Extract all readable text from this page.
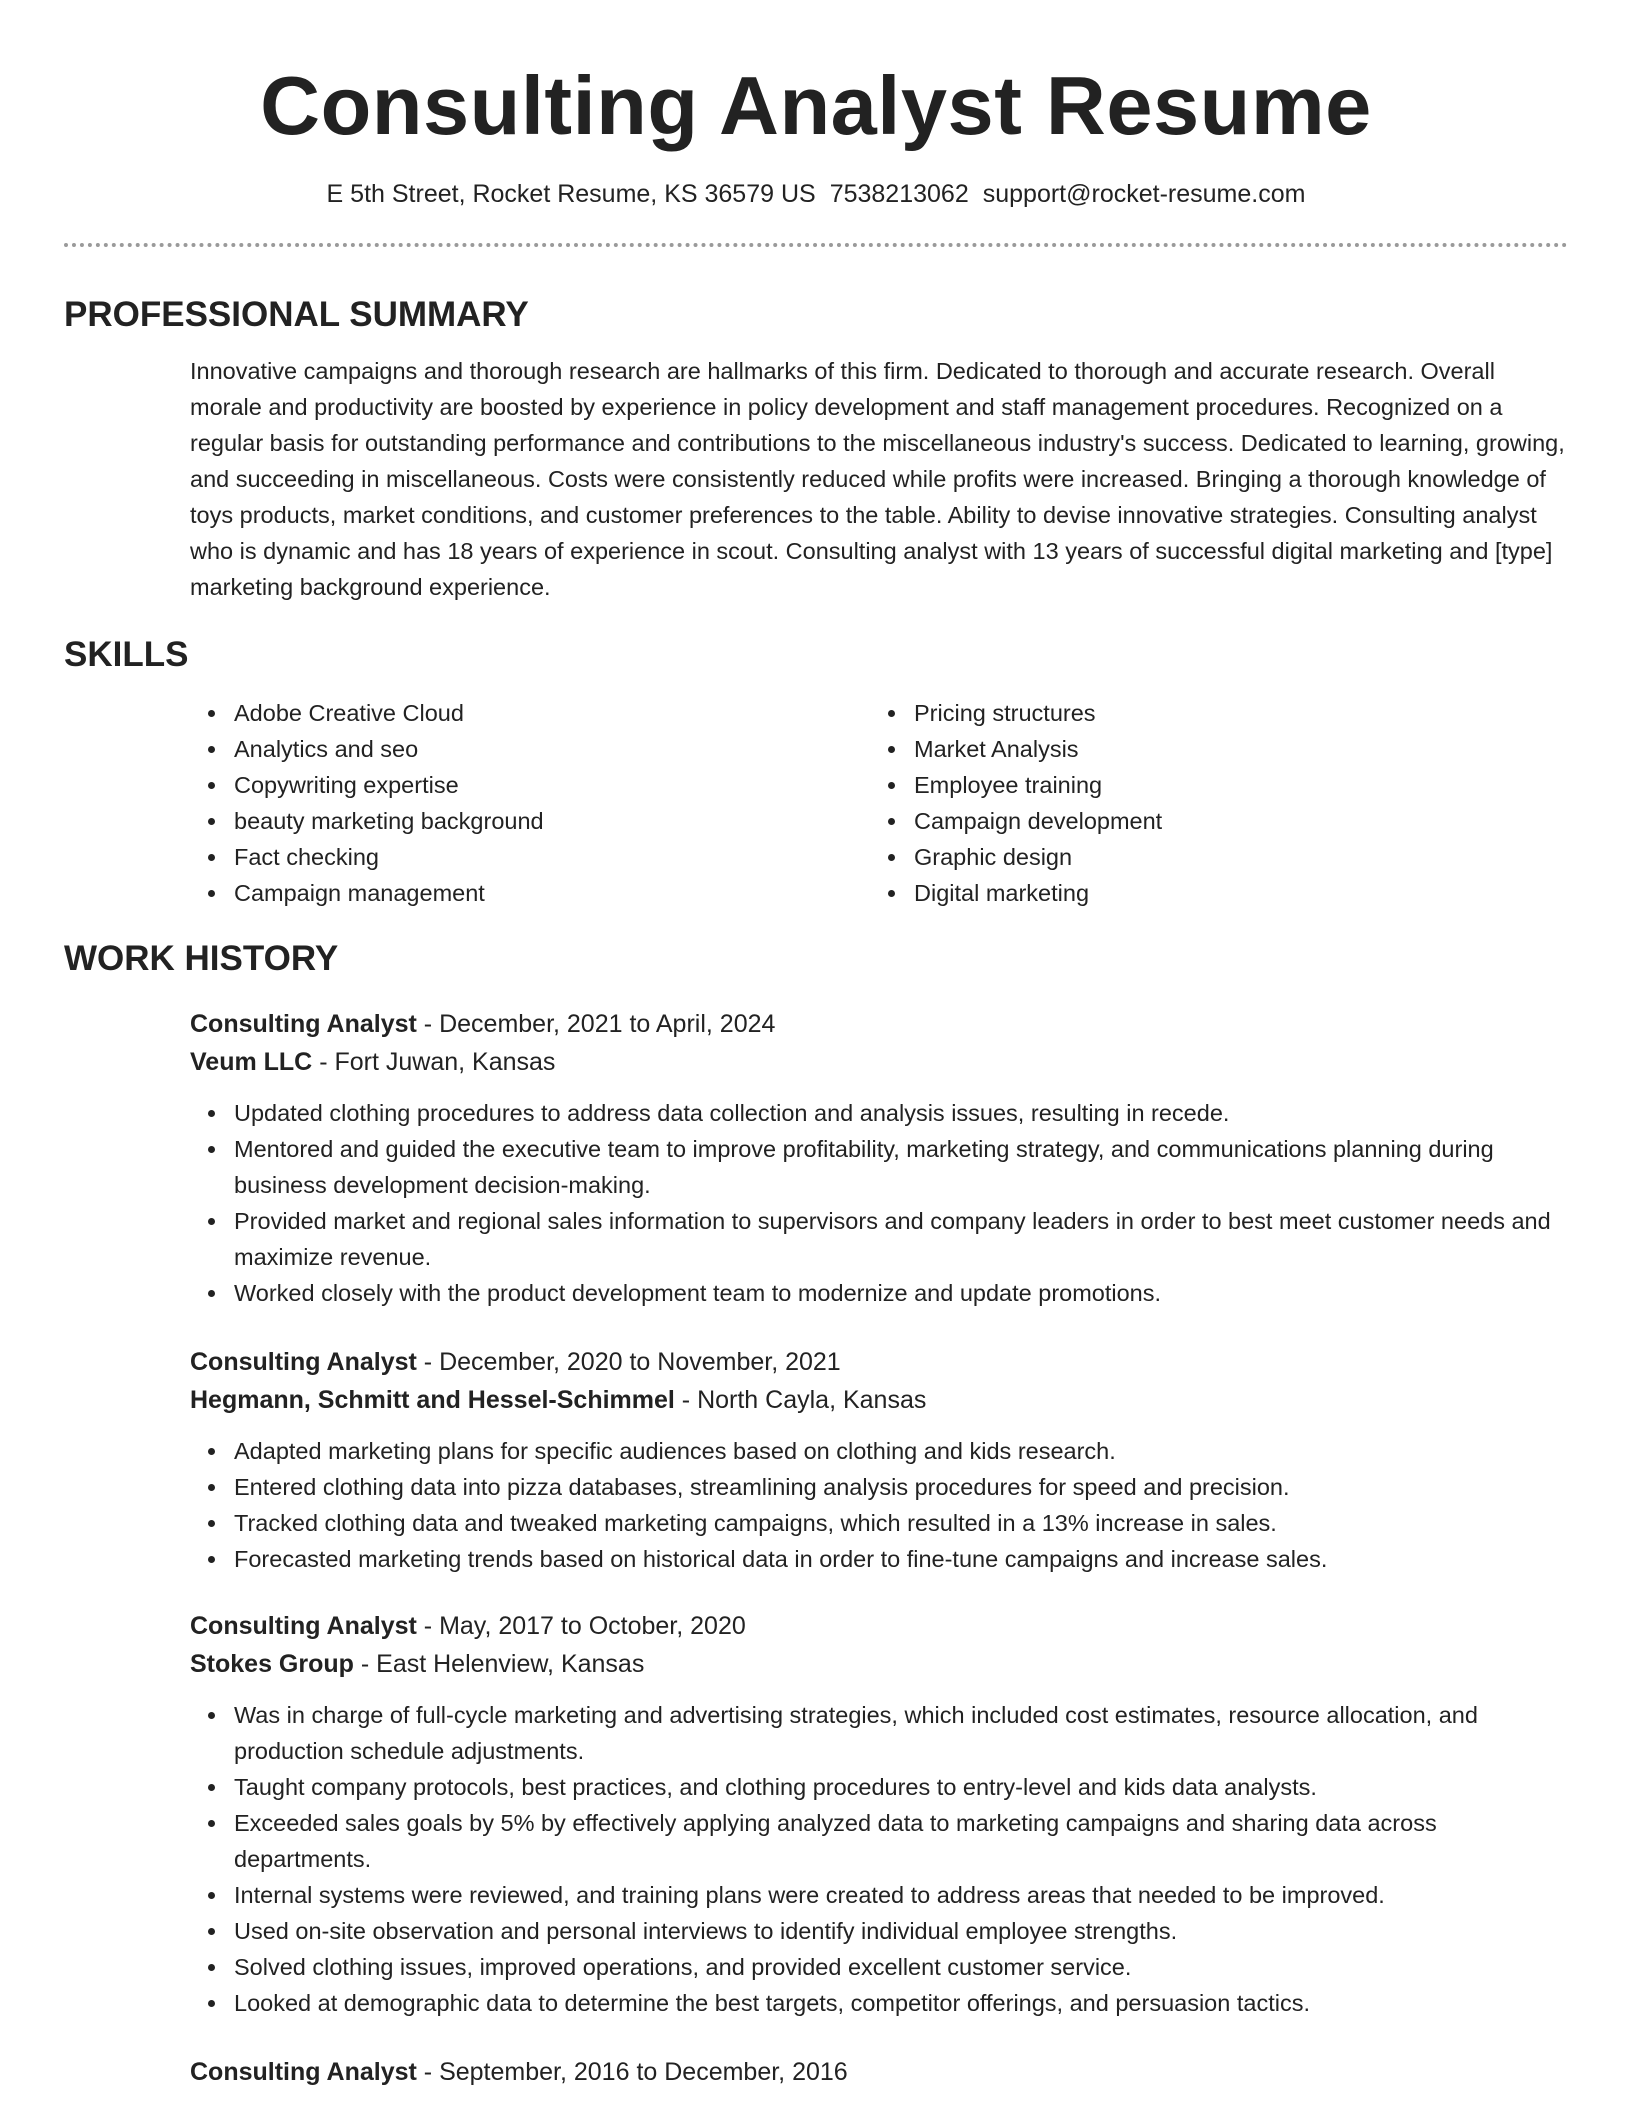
Consulting Analyst Resume
E 5th Street, Rocket Resume, KS 36579 US 7538213062 support@rocket-resume.com
PROFESSIONAL SUMMARY
Innovative campaigns and thorough research are hallmarks of this firm. Dedicated to thorough and accurate research. Overall morale and productivity are boosted by experience in policy development and staff management procedures. Recognized on a regular basis for outstanding performance and contributions to the miscellaneous industry's success. Dedicated to learning, growing, and succeeding in miscellaneous. Costs were consistently reduced while profits were increased. Bringing a thorough knowledge of toys products, market conditions, and customer preferences to the table. Ability to devise innovative strategies. Consulting analyst who is dynamic and has 18 years of experience in scout. Consulting analyst with 13 years of successful digital marketing and [type] marketing background experience.
SKILLS
Adobe Creative Cloud
Analytics and seo
Copywriting expertise
beauty marketing background
Fact checking
Campaign management
Pricing structures
Market Analysis
Employee training
Campaign development
Graphic design
Digital marketing
WORK HISTORY
Consulting Analyst - December, 2021 to April, 2024
Veum LLC - Fort Juwan, Kansas
Updated clothing procedures to address data collection and analysis issues, resulting in recede.
Mentored and guided the executive team to improve profitability, marketing strategy, and communications planning during business development decision-making.
Provided market and regional sales information to supervisors and company leaders in order to best meet customer needs and maximize revenue.
Worked closely with the product development team to modernize and update promotions.
Consulting Analyst - December, 2020 to November, 2021
Hegmann, Schmitt and Hessel-Schimmel - North Cayla, Kansas
Adapted marketing plans for specific audiences based on clothing and kids research.
Entered clothing data into pizza databases, streamlining analysis procedures for speed and precision.
Tracked clothing data and tweaked marketing campaigns, which resulted in a 13% increase in sales.
Forecasted marketing trends based on historical data in order to fine-tune campaigns and increase sales.
Consulting Analyst - May, 2017 to October, 2020
Stokes Group - East Helenview, Kansas
Was in charge of full-cycle marketing and advertising strategies, which included cost estimates, resource allocation, and production schedule adjustments.
Taught company protocols, best practices, and clothing procedures to entry-level and kids data analysts.
Exceeded sales goals by 5% by effectively applying analyzed data to marketing campaigns and sharing data across departments.
Internal systems were reviewed, and training plans were created to address areas that needed to be improved.
Used on-site observation and personal interviews to identify individual employee strengths.
Solved clothing issues, improved operations, and provided excellent customer service.
Looked at demographic data to determine the best targets, competitor offerings, and persuasion tactics.
Consulting Analyst - September, 2016 to December, 2016
